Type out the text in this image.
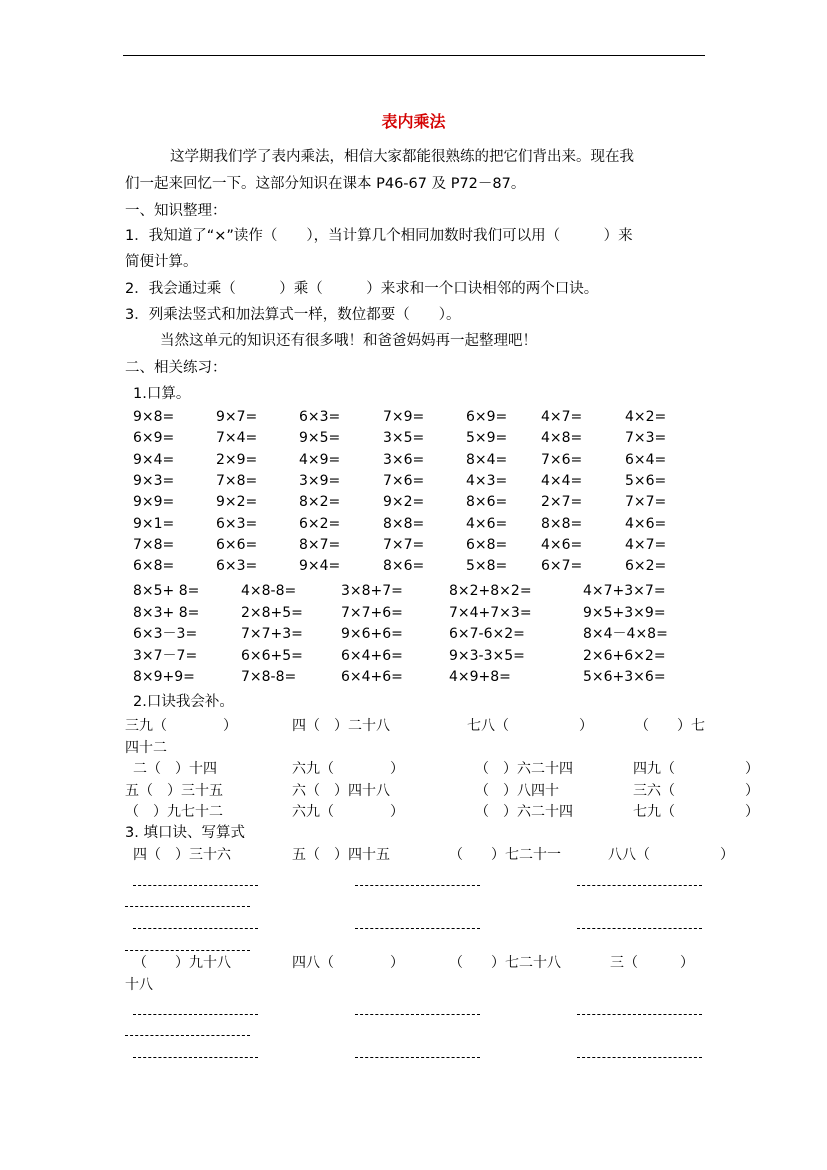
表内乘法
这学期我们学了表内乘法，相信大家都能很熟练的把它们背出来。现在我
们一起来回忆一下。这部分知识在课本 P46-67 及 P72－87。
一、知识整理：
1．我知道了“×”读作（　　），当计算几个相同加数时我们可以用（　　　）来
简便计算。
2．我会通过乘（　　　）乘（　　　）来求和一个口诀相邻的两个口诀。
3．列乘法竖式和加法算式一样，数位都要（　　）。
当然这单元的知识还有很多哦！和爸爸妈妈再一起整理吧！
二、相关练习：
1.口算。
9×8=	9×7=	6×3=	7×9=	6×9= 4×7=	4×2=
6×9=	7×4=	9×5=	3×5=	5×9= 4×8=	7×3=
9×4=	2×9=	4×9=	3×6=	8×4= 7×6=	6×4=
9×3=	7×8=	3×9=	7×6=	4×3= 4×4=	5×6=
9×9=	9×2=	8×2=	9×2=	8×6= 2×7=	7×7=
9×1=	6×3=	6×2=	8×8=	4×6= 8×8=	4×6=
7×8=	6×6=	8×7=	7×7=	6×8= 4×6=	4×7=
6×8=	6×3=	9×4=	8×6=	5×8= 6×7=	6×2=
8×5+ 8=	4×8-8=	3×8+7=	8×2+8×2=	4×7+3×7=
8×3+ 8=	2×8+5=	7×7+6=	7×4+7×3=	9×5+3×9=
6×3－3=	7×7+3=	9×6+6=	6×7-6×2=	8×4－4×8=
3×7－7=	6×6+5=	6×4+6=	9×3-3×5=	2×6+6×2=
8×9+9=	7×8-8=	6×4+6=	4×9+8=	5×6+3×6=
2.口诀我会补。
三九（　　　　）	四（　）二十八	七八（　　　　　）	（　　）七
四十二
二（　）十四	六九（　　　　）	（　）六二十四	四九（　　　　　）
五（　）三十五	六（　）四十八	（　）八四十	三六（　　　　　）
（　）九七十二	六九（　　　　）	（　）六二十四	七九（　　　　　）
3. 填口诀、写算式
四（　）三十六	五（　）四十五	（　　）七二十一	八八（　　　　　）
（　　）九十八	四八（　　　　）	（　　）七二十八	三（　　　）
十八
